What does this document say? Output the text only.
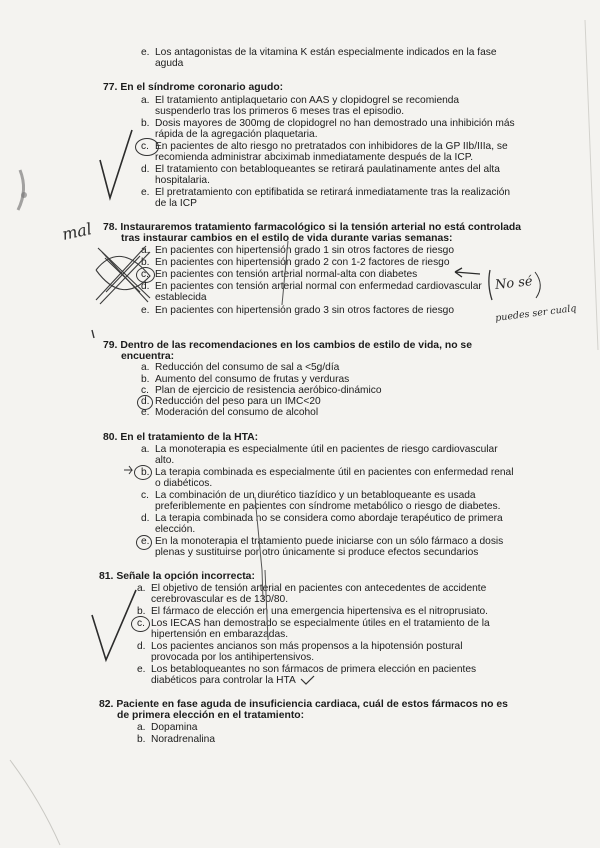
e. Los antagonistas de la vitamina K están especialmente indicados en la fase
aguda
77. En el síndrome coronario agudo:
a. El tratamiento antiplaquetario con AAS y clopidogrel se recomienda
suspenderlo tras los primeros 6 meses tras el episodio.
b. Dosis mayores de 300mg de clopidogrel no han demostrado una inhibición más
rápida de la agregación plaquetaria.
c. En pacientes de alto riesgo no pretratados con inhibidores de la GP IIb/IIIa, se
recomienda administrar abciximab inmediatamente después de la ICP.
d. El tratamiento con betabloqueantes se retirará paulatinamente antes del alta
hospitalaria.
e. El pretratamiento con eptifibatida se retirará inmediatamente tras la realización
de la ICP
78. Instauraremos tratamiento farmacológico si la tensión arterial no está controlada
tras instaurar cambios en el estilo de vida durante varias semanas:
a. En pacientes con hipertensión grado 1 sin otros factores de riesgo
b. En pacientes con hipertensión grado 2 con 1-2 factores de riesgo
c. En pacientes con tensión arterial normal-alta con diabetes
d. En pacientes con tensión arterial normal con enfermedad cardiovascular
establecida
e. En pacientes con hipertensión grado 3 sin otros factores de riesgo
79. Dentro de las recomendaciones en los cambios de estilo de vida, no se
encuentra:
a. Reducción del consumo de sal a <5g/día
b. Aumento del consumo de frutas y verduras
c. Plan de ejercicio de resistencia aeróbico-dinámico
d. Reducción del peso para un IMC<20
e. Moderación del consumo de alcohol
80. En el tratamiento de la HTA:
a. La monoterapia es especialmente útil en pacientes de riesgo cardiovascular
alto.
b. La terapia combinada es especialmente útil en pacientes con enfermedad renal
o diabéticos.
c. La combinación de un diurético tiazídico y un betabloqueante es usada
preferiblemente en pacientes con síndrome metabólico o riesgo de diabetes.
d. La terapia combinada no se considera como abordaje terapéutico de primera
elección.
e. En la monoterapia el tratamiento puede iniciarse con un sólo fármaco a dosis
plenas y sustituirse por otro únicamente si produce efectos secundarios
81. Señale la opción incorrecta:
a. El objetivo de tensión arterial en pacientes con antecedentes de accidente
cerebrovascular es de 130/80.
b. El fármaco de elección en una emergencia hipertensiva es el nitroprusiato.
c. Los IECAS han demostrado se especialmente útiles en el tratamiento de la
hipertensión en embarazadas.
d. Los pacientes ancianos son más propensos a la hipotensión postural
provocada por los antihipertensivos.
e. Los betabloqueantes no son fármacos de primera elección en pacientes
diabéticos para controlar la HTA
82. Paciente en fase aguda de insuficiencia cardiaca, cuál de estos fármacos no es
de primera elección en el tratamiento:
a. Dopamina
b. Noradrenalina
mal
No sé
puedes ser cualq
